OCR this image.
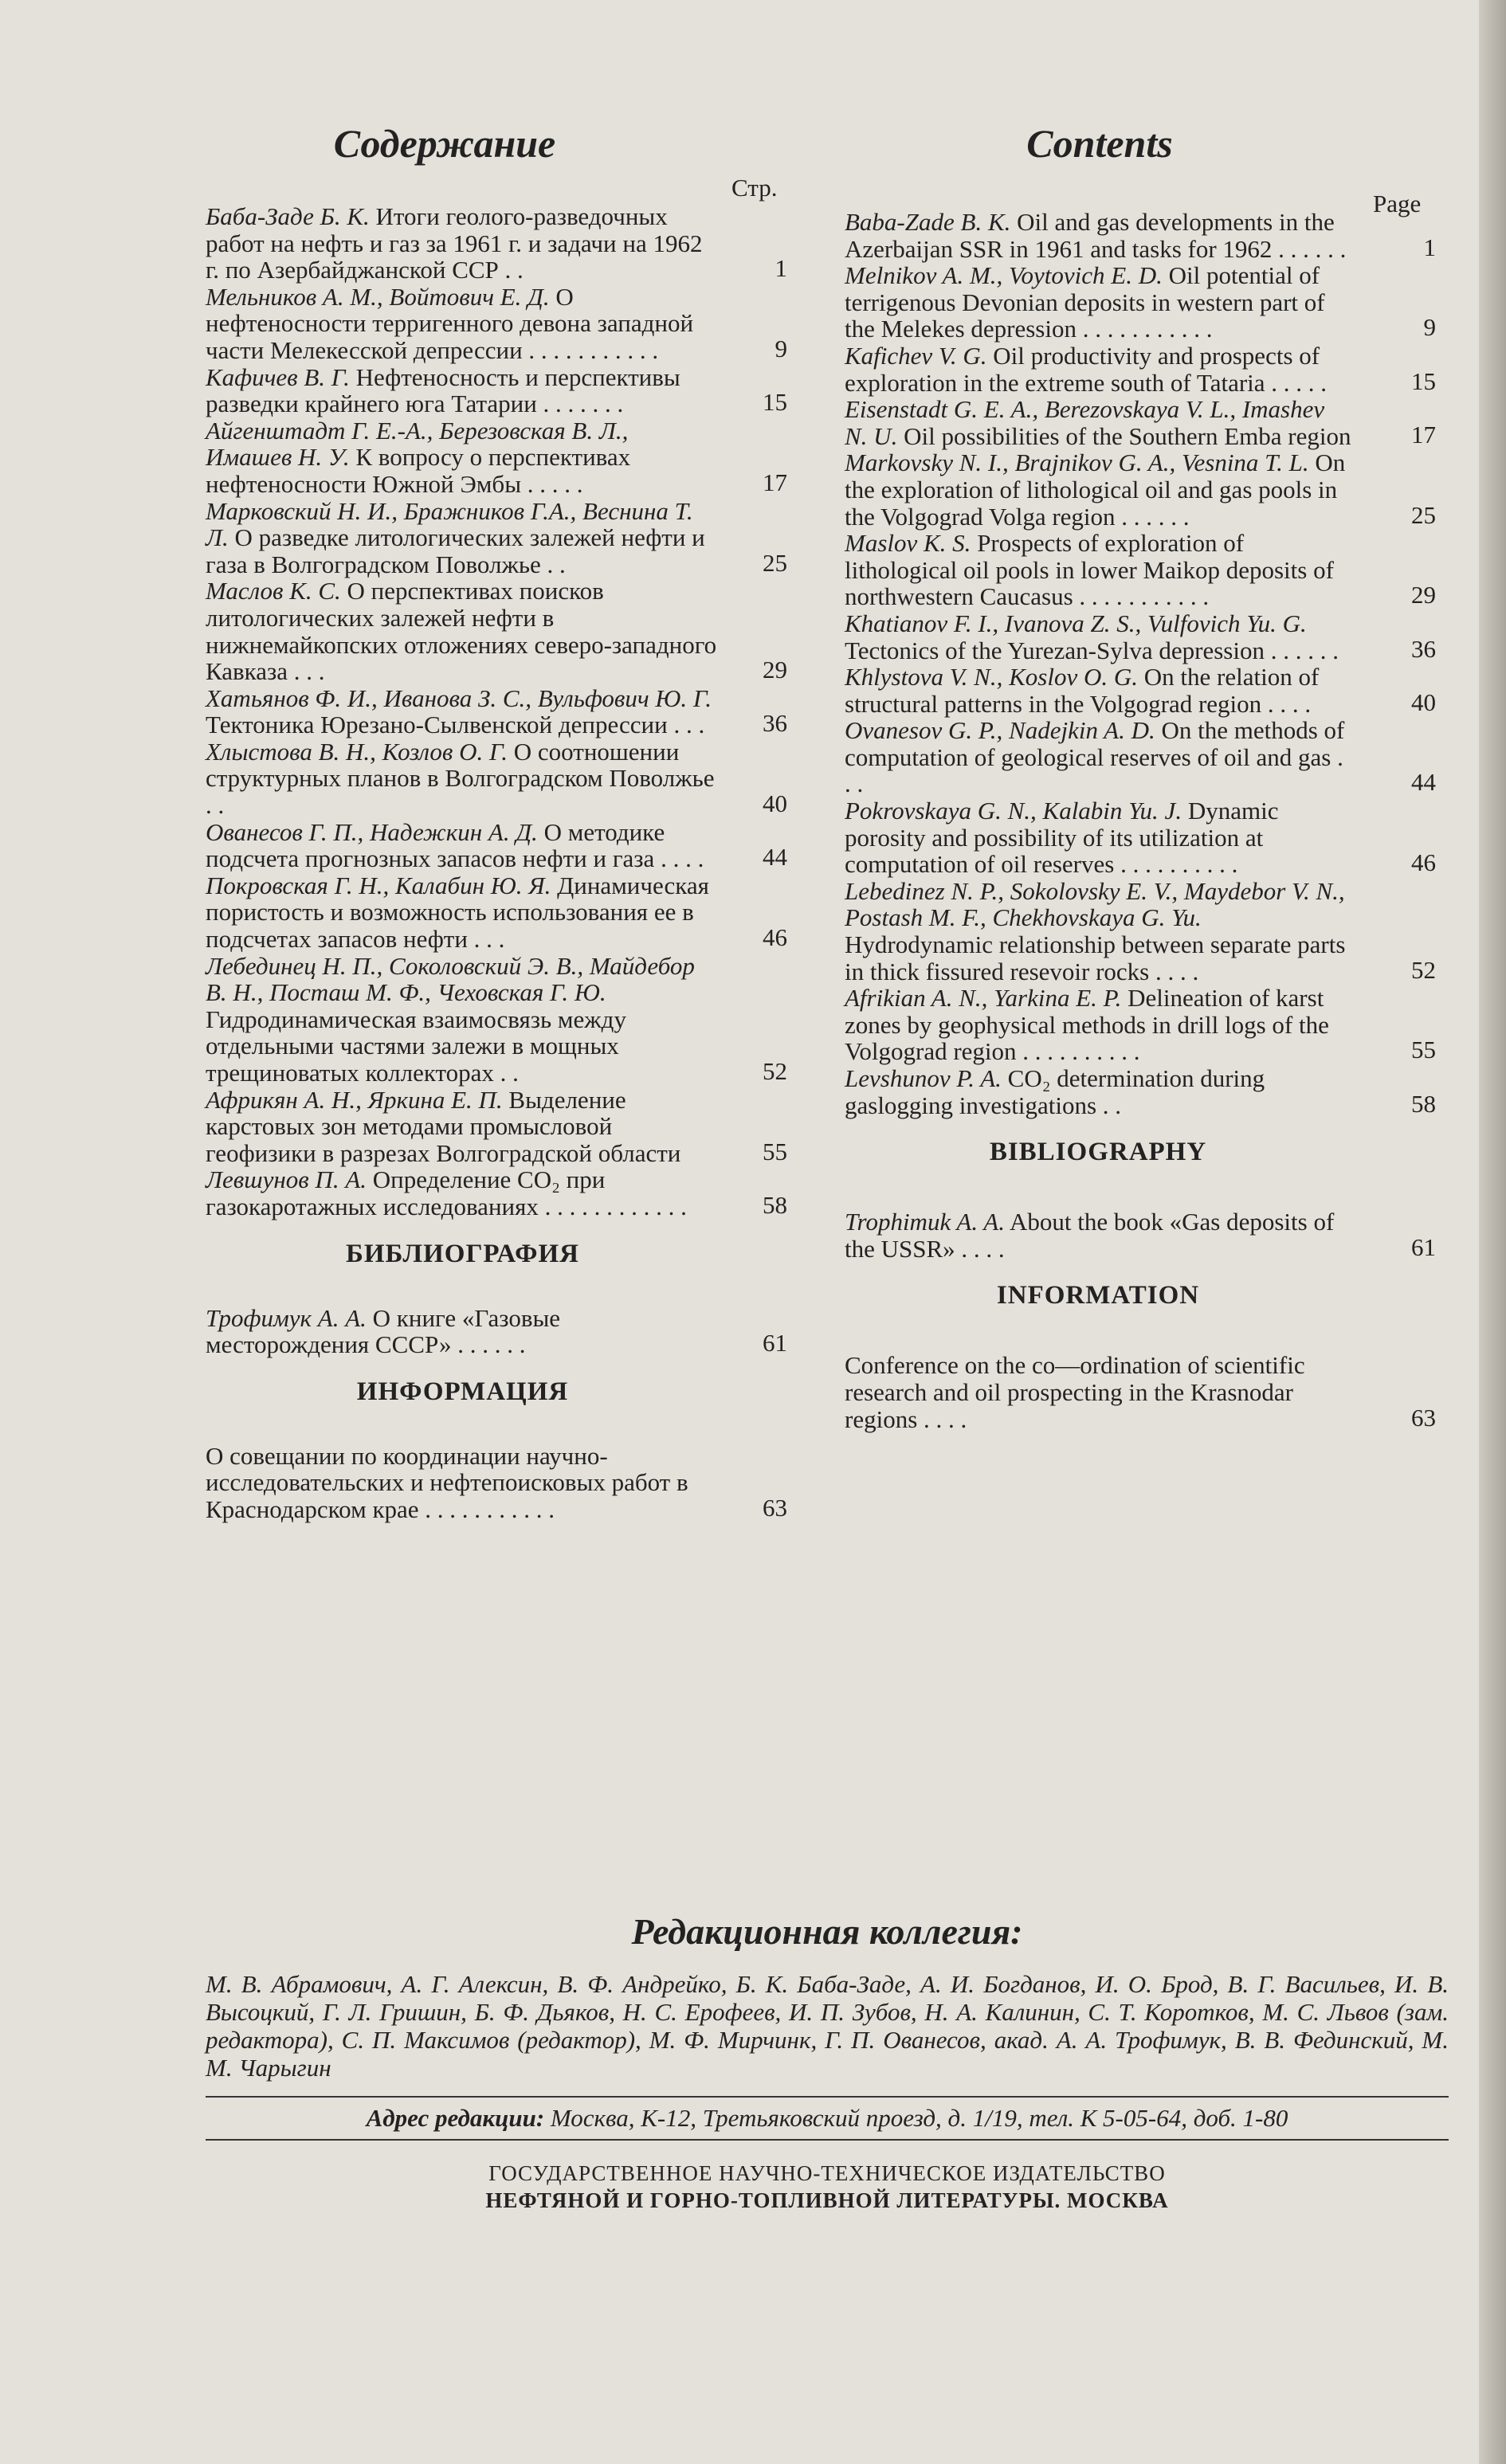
Содержание
Стр.
Баба-Заде Б. К. Итоги геолого-разведочных работ на нефть и газ за 1961 г. и задачи на 1962 г. по Азербайджанской ССР . .	1
Мельников А. М., Войтович Е. Д. О нефтеносности терригенного девона западной части Мелекесской депрессии . . . . . . . . . . .	9
Кафичев В. Г. Нефтеносность и перспективы разведки крайнего юга Татарии . . . . . . .	15
Айгенштадт Г. Е.-А., Березовская В. Л., Имашев Н. У. К вопросу о перспективах нефтеносности Южной Эмбы . . . . .	17
Марковский Н. И., Бражников Г.А., Веснина Т. Л. О разведке литологических залежей нефти и газа в Волгоградском Поволжье . .	25
Маслов К. С. О перспективах поисков литологических залежей нефти в нижнемайкопских отложениях северо-западного Кавказа . . .	29
Хатьянов Ф. И., Иванова З. С., Вульфович Ю. Г. Тектоника Юрезано-Сылвенской депрессии . . .	36
Хлыстова В. Н., Козлов О. Г. О соотношении структурных планов в Волгоградском Поволжье . .	40
Ованесов Г. П., Надежкин А. Д. О методике подсчета прогнозных запасов нефти и газа . . . .	44
Покровская Г. Н., Калабин Ю. Я. Динамическая пористость и возможность использования ее в подсчетах запасов нефти . . .	46
Лебединец Н. П., Соколовский Э. В., Майдебор В. Н., Посташ М. Ф., Чеховская Г. Ю. Гидродинамическая взаимосвязь между отдельными частями залежи в мощных трещиноватых коллекторах . .	52
Африкян А. Н., Яркина Е. П. Выделение карстовых зон методами промысловой геофизики в разрезах Волгоградской области	55
Левшунов П. А. Определение CO₂ при газокаротажных исследованиях . . . . . . . . . . . .	58
БИБЛИОГРАФИЯ
Трофимук А. А. О книге «Газовые месторождения СССР» . . . . . .	61
ИНФОРМАЦИЯ
О совещании по координации научно-исследовательских и нефтепоисковых работ в Краснодарском крае . . . . . . . . . . .	63
Contents
Page
Baba-Zade B. K. Oil and gas developments in the Azerbaijan SSR in 1961 and tasks for 1962 . . . . . .	1
Melnikov A. M., Voytovich E. D. Oil potential of terrigenous Devonian deposits in western part of the Melekes depression . . . . . . . . . . .	9
Kafichev V. G. Oil productivity and prospects of exploration in the extreme south of Tataria . . . . .	15
Eisenstadt G. E. A., Berezovskaya V. L., Imashev N. U. Oil possibilities of the Southern Emba region	17
Markovsky N. I., Brajnikov G. A., Vesnina T. L. On the exploration of lithological oil and gas pools in the Volgograd Volga region . . . . . .	25
Maslov K. S. Prospects of exploration of lithological oil pools in lower Maikop deposits of northwestern Caucasus . . . . . . . . . . .	29
Khatianov F. I., Ivanova Z. S., Vulfovich Yu. G. Tectonics of the Yurezan-Sylva depression . . . . . .	36
Khlystova V. N., Koslov O. G. On the relation of structural patterns in the Volgograd region . . . .	40
Ovanesov G. P., Nadejkin A. D. On the methods of computation of geological reserves of oil and gas . . .	44
Pokrovskaya G. N., Kalabin Yu. J. Dynamic porosity and possibility of its utilization at computation of oil reserves . . . . . . . . . .	46
Lebedinez N. P., Sokolovsky E. V., Maydebor V. N., Postash M. F., Chekhovskaya G. Yu. Hydrodynamic relationship between separate parts in thick fissured resevoir rocks . . . .	52
Afrikian A. N., Yarkina E. P. Delineation of karst zones by geophysical methods in drill logs of the Volgograd region . . . . . . . . . .	55
Levshunov P. A. CO₂ determination during gaslogging investigations . .	58
BIBLIOGRAPHY
Trophimuk A. A. About the book «Gas deposits of the USSR» . . . .	61
INFORMATION
Conference on the co—ordination of scientific research and oil prospecting in the Krasnodar regions . . . .	63
Редакционная коллегия:

М. В. Абрамович, А. Г. Алексин, В. Ф. Андрейко, Б. К. Баба-Заде, А. И. Богданов, И. О. Брод, В. Г. Васильев, И. В. Высоцкий, Г. Л. Гришин, Б. Ф. Дьяков, Н. С. Ерофеев, И. П. Зубов, Н. А. Калинин, С. Т. Коротков, М. С. Львов (зам. редактора), С. П. Максимов (редактор), М. Ф. Мирчинк, Г. П. Ованесов, акад. А. А. Трофимук, В. В. Фединский, М. М. Чарыгин

Адрес редакции: Москва, К-12, Третьяковский проезд, д. 1/19, тел. К 5-05-64, доб. 1-80
ГОСУДАРСТВЕННОЕ НАУЧНО-ТЕХНИЧЕСКОЕ ИЗДАТЕЛЬСТВО
НЕФТЯНОЙ И ГОРНО-ТОПЛИВНОЙ ЛИТЕРАТУРЫ. МОСКВА
